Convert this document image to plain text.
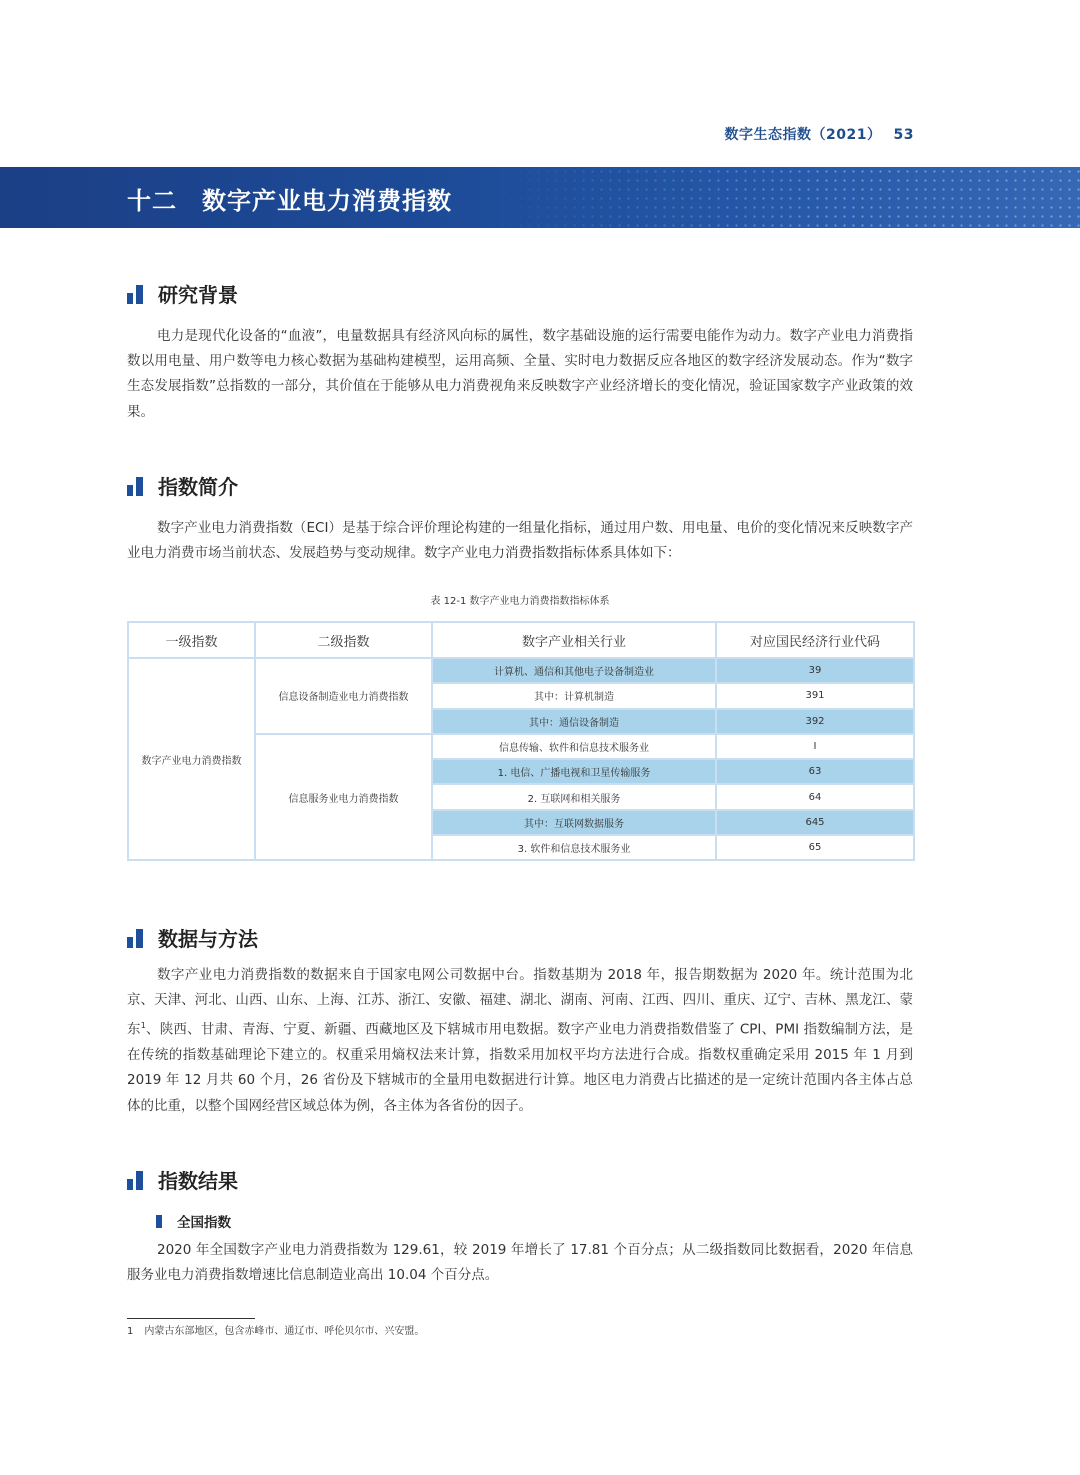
数字生态指数（2021） 53
十二 数字产业电力消费指数
研究背景

电力是现代化设备的“血液”，电量数据具有经济风向标的属性，数字基础设施的运行需要电能作为动力。数字产业电力消费指数以用电量、用户数等电力核心数据为基础构建模型，运用高频、全量、实时电力数据反应各地区的数字经济发展动态。作为“数字生态发展指数”总指数的一部分，其价值在于能够从电力消费视角来反映数字产业经济增长的变化情况，验证国家数字产业政策的效果。

指数简介

数字产业电力消费指数（ECI）是基于综合评价理论构建的一组量化指标，通过用户数、用电量、电价的变化情况来反映数字产业电力消费市场当前状态、发展趋势与变动规律。数字产业电力消费指数指标体系具体如下：

表 12-1 数字产业电力消费指数指标体系
一级指数	二级指数	数字产业相关行业	对应国民经济行业代码
数字产业电力消费指数	信息设备制造业电力消费指数	计算机、通信和其他电子设备制造业	39
		其中：计算机制造	391
		其中：通信设备制造	392
	信息服务业电力消费指数	信息传输、软件和信息技术服务业	I
		1. 电信、广播电视和卫星传输服务	63
		2. 互联网和相关服务	64
		其中：互联网数据服务	645
		3. 软件和信息技术服务业	65
数据与方法

数字产业电力消费指数的数据来自于国家电网公司数据中台。指数基期为 2018 年，报告期数据为 2020 年。统计范围为北京、天津、河北、山西、山东、上海、江苏、浙江、安徽、福建、湖北、湖南、河南、江西、四川、重庆、辽宁、吉林、黑龙江、蒙东$^1$、陕西、甘肃、青海、宁夏、新疆、西藏地区及下辖城市用电数据。数字产业电力消费指数借鉴了 CPI、PMI 指数编制方法，是在传统的指数基础理论下建立的。权重采用熵权法来计算，指数采用加权平均方法进行合成。指数权重确定采用 2015 年 1 月到 2019 年 12 月共 60 个月，26 省份及下辖城市的全量用电数据进行计算。地区电力消费占比描述的是一定统计范围内各主体占总体的比重，以整个国网经营区域总体为例，各主体为各省份的因子。

指数结果
全国指数

2020 年全国数字产业电力消费指数为 129.61，较 2019 年增长了 17.81 个百分点；从二级指数同比数据看，2020 年信息服务业电力消费指数增速比信息制造业高出 10.04 个百分点。

1 内蒙古东部地区，包含赤峰市、通辽市、呼伦贝尔市、兴安盟。
